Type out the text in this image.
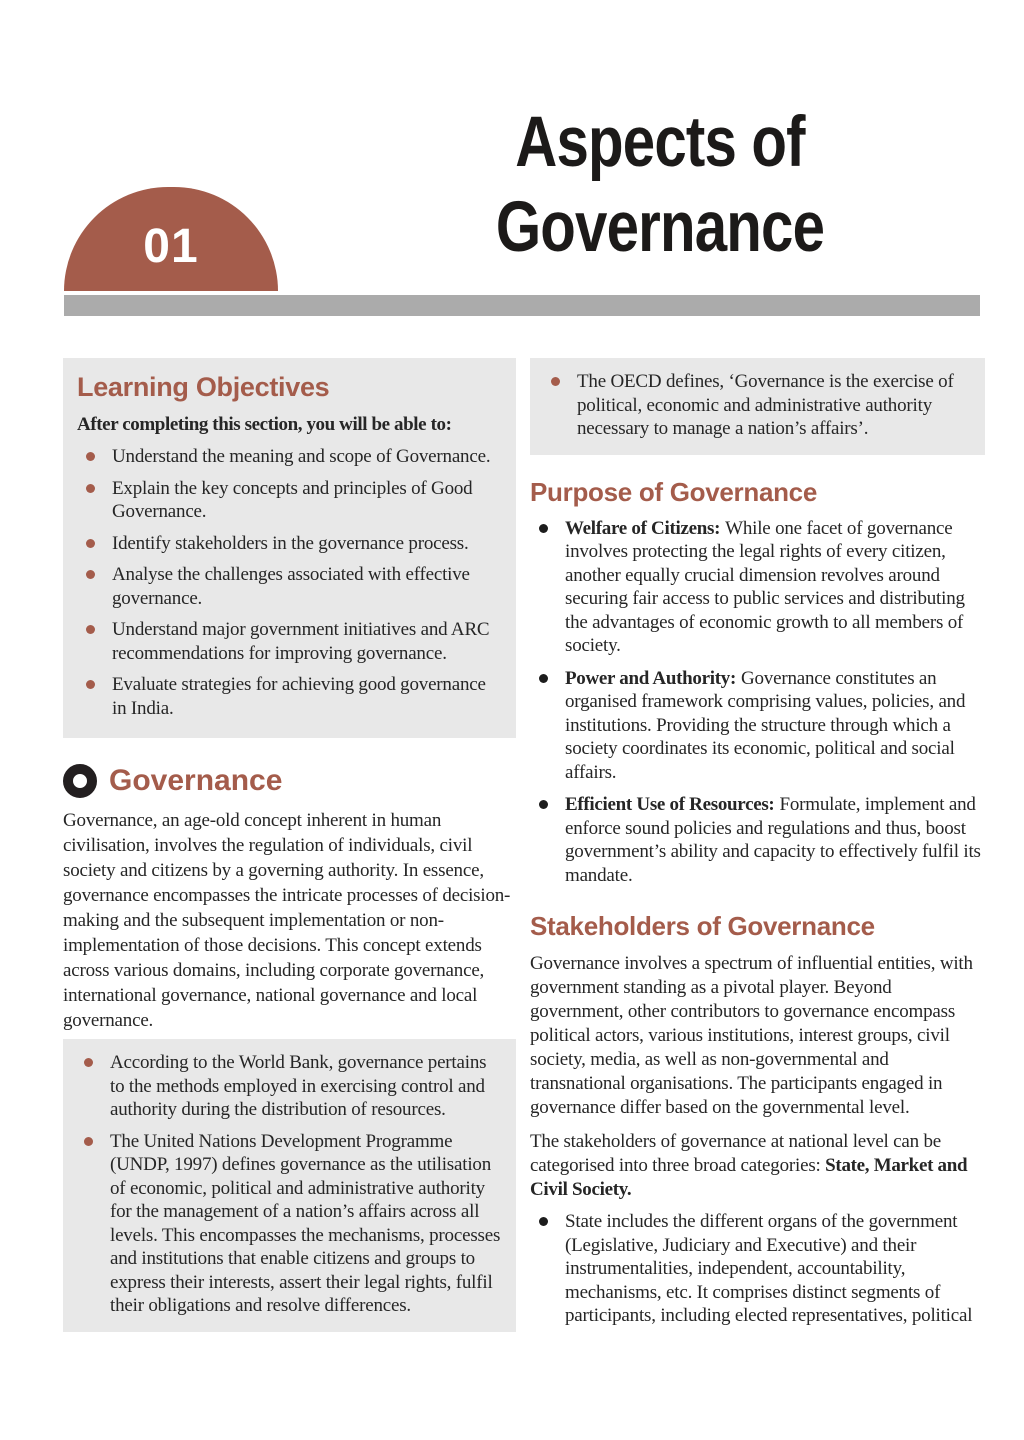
01
Aspects of
Governance
Learning Objectives

After completing this section, you will be able to:

Understand the meaning and scope of Governance.
Explain the key concepts and principles of Good Governance.
Identify stakeholders in the governance process.
Analyse the challenges associated with effective governance.
Understand major government initiatives and ARC recommendations for improving governance.
Evaluate strategies for achieving good governance in India.
Governance

Governance, an age-old concept inherent in human civilisation, involves the regulation of individuals, civil society and citizens by a governing authority. In essence, governance encompasses the intricate processes of decision-making and the subsequent implementation or non-implementation of those decisions. This concept extends across various domains, including corporate governance, international governance, national governance and local governance.

According to the World Bank, governance pertains to the methods employed in exercising control and authority during the distribution of resources.
The United Nations Development Programme (UNDP, 1997) defines governance as the utilisation of economic, political and administrative authority for the management of a nation’s affairs across all levels. This encompasses the mechanisms, processes and institutions that enable citizens and groups to express their interests, assert their legal rights, fulfil their obligations and resolve differences.
The OECD defines, ‘Governance is the exercise of political, economic and administrative authority necessary to manage a nation’s affairs’.
Purpose of Governance
Welfare of Citizens: While one facet of governance involves protecting the legal rights of every citizen, another equally crucial dimension revolves around securing fair access to public services and distributing the advantages of economic growth to all members of society.
Power and Authority: Governance constitutes an organised framework comprising values, policies, and institutions. Providing the structure through which a society coordinates its economic, political and social affairs.
Efficient Use of Resources: Formulate, implement and enforce sound policies and regulations and thus, boost government’s ability and capacity to effectively fulfil its mandate.
Stakeholders of Governance

Governance involves a spectrum of influential entities, with government standing as a pivotal player. Beyond government, other contributors to governance encompass political actors, various institutions, interest groups, civil society, media, as well as non-governmental and transnational organisations. The participants engaged in governance differ based on the governmental level.

The stakeholders of governance at national level can be categorised into three broad categories: State, Market and Civil Society.

State includes the different organs of the government (Legislative, Judiciary and Executive) and their instrumentalities, independent, accountability, mechanisms, etc. It comprises distinct segments of participants, including elected representatives, political
